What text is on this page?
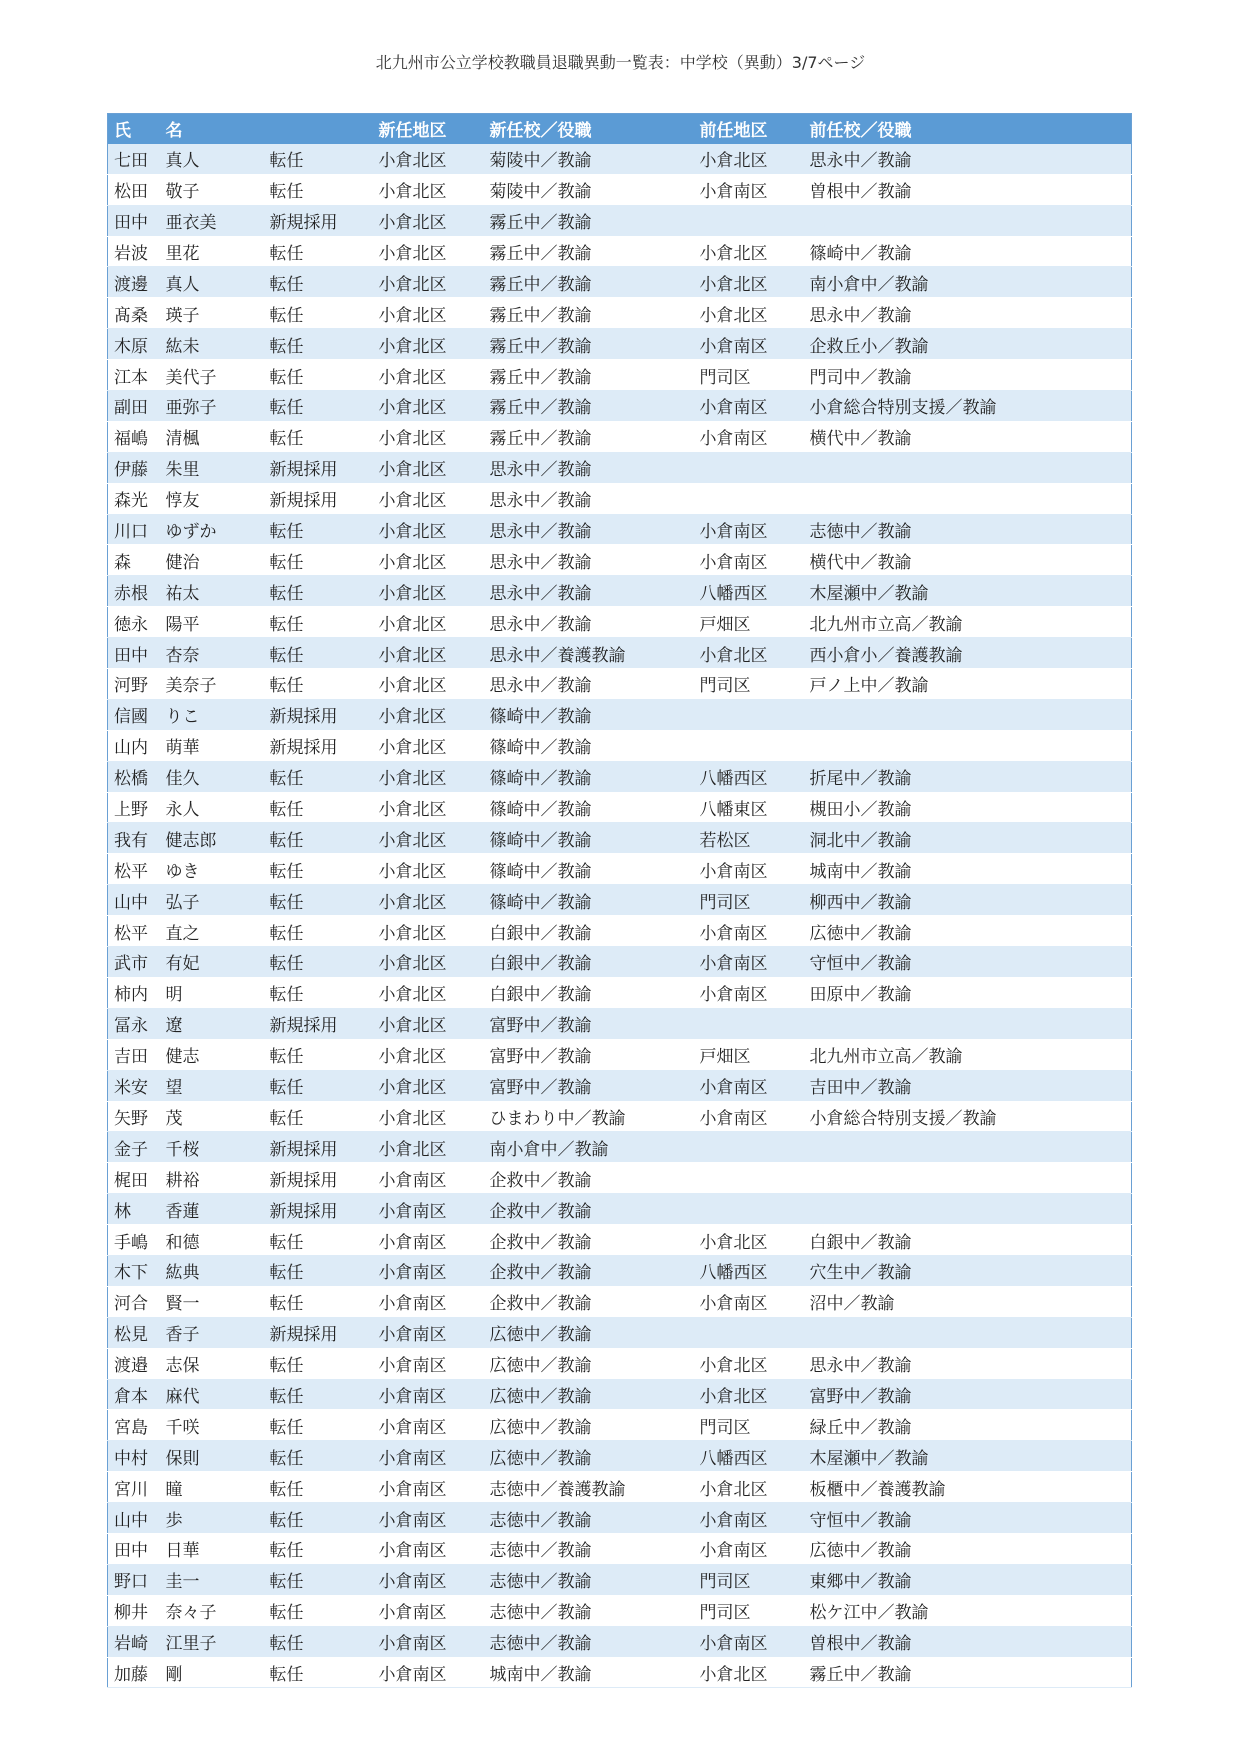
北九州市公立学校教職員退職異動一覧表：中学校（異動）3/7ページ
氏	名		新任地区	新任校／役職	前任地区	前任校／役職
七田	真人	転任	小倉北区	菊陵中／教諭	小倉北区	思永中／教諭
松田	敬子	転任	小倉北区	菊陵中／教諭	小倉南区	曽根中／教諭
田中	亜衣美	新規採用	小倉北区	霧丘中／教諭		
岩波	里花	転任	小倉北区	霧丘中／教諭	小倉北区	篠崎中／教諭
渡邊	真人	転任	小倉北区	霧丘中／教諭	小倉北区	南小倉中／教諭
髙桑	瑛子	転任	小倉北区	霧丘中／教諭	小倉北区	思永中／教諭
木原	紘未	転任	小倉北区	霧丘中／教諭	小倉南区	企救丘小／教諭
江本	美代子	転任	小倉北区	霧丘中／教諭	門司区	門司中／教諭
副田	亜弥子	転任	小倉北区	霧丘中／教諭	小倉南区	小倉総合特別支援／教諭
福嶋	清楓	転任	小倉北区	霧丘中／教諭	小倉南区	横代中／教諭
伊藤	朱里	新規採用	小倉北区	思永中／教諭		
森光	惇友	新規採用	小倉北区	思永中／教諭		
川口	ゆずか	転任	小倉北区	思永中／教諭	小倉南区	志徳中／教諭
森	健治	転任	小倉北区	思永中／教諭	小倉南区	横代中／教諭
赤根	祐太	転任	小倉北区	思永中／教諭	八幡西区	木屋瀬中／教諭
徳永	陽平	転任	小倉北区	思永中／教諭	戸畑区	北九州市立高／教諭
田中	杏奈	転任	小倉北区	思永中／養護教諭	小倉北区	西小倉小／養護教諭
河野	美奈子	転任	小倉北区	思永中／教諭	門司区	戸ノ上中／教諭
信國	りこ	新規採用	小倉北区	篠崎中／教諭		
山内	萌華	新規採用	小倉北区	篠崎中／教諭		
松橋	佳久	転任	小倉北区	篠崎中／教諭	八幡西区	折尾中／教諭
上野	永人	転任	小倉北区	篠崎中／教諭	八幡東区	槻田小／教諭
我有	健志郎	転任	小倉北区	篠崎中／教諭	若松区	洞北中／教諭
松平	ゆき	転任	小倉北区	篠崎中／教諭	小倉南区	城南中／教諭
山中	弘子	転任	小倉北区	篠崎中／教諭	門司区	柳西中／教諭
松平	直之	転任	小倉北区	白銀中／教諭	小倉南区	広徳中／教諭
武市	有妃	転任	小倉北区	白銀中／教諭	小倉南区	守恒中／教諭
柿内	明	転任	小倉北区	白銀中／教諭	小倉南区	田原中／教諭
冨永	遼	新規採用	小倉北区	富野中／教諭		
吉田	健志	転任	小倉北区	富野中／教諭	戸畑区	北九州市立高／教諭
米安	望	転任	小倉北区	富野中／教諭	小倉南区	吉田中／教諭
矢野	茂	転任	小倉北区	ひまわり中／教諭	小倉南区	小倉総合特別支援／教諭
金子	千桜	新規採用	小倉北区	南小倉中／教諭		
梶田	耕裕	新規採用	小倉南区	企救中／教諭		
林	香蓮	新規採用	小倉南区	企救中／教諭		
手嶋	和德	転任	小倉南区	企救中／教諭	小倉北区	白銀中／教諭
木下	紘典	転任	小倉南区	企救中／教諭	八幡西区	穴生中／教諭
河合	賢一	転任	小倉南区	企救中／教諭	小倉南区	沼中／教諭
松見	香子	新規採用	小倉南区	広徳中／教諭		
渡邉	志保	転任	小倉南区	広徳中／教諭	小倉北区	思永中／教諭
倉本	麻代	転任	小倉南区	広徳中／教諭	小倉北区	富野中／教諭
宮島	千咲	転任	小倉南区	広徳中／教諭	門司区	緑丘中／教諭
中村	保則	転任	小倉南区	広徳中／教諭	八幡西区	木屋瀬中／教諭
宮川	瞳	転任	小倉南区	志徳中／養護教諭	小倉北区	板櫃中／養護教諭
山中	歩	転任	小倉南区	志徳中／教諭	小倉南区	守恒中／教諭
田中	日華	転任	小倉南区	志徳中／教諭	小倉南区	広徳中／教諭
野口	圭一	転任	小倉南区	志徳中／教諭	門司区	東郷中／教諭
柳井	奈々子	転任	小倉南区	志徳中／教諭	門司区	松ケ江中／教諭
岩崎	江里子	転任	小倉南区	志徳中／教諭	小倉南区	曽根中／教諭
加藤	剛	転任	小倉南区	城南中／教諭	小倉北区	霧丘中／教諭
